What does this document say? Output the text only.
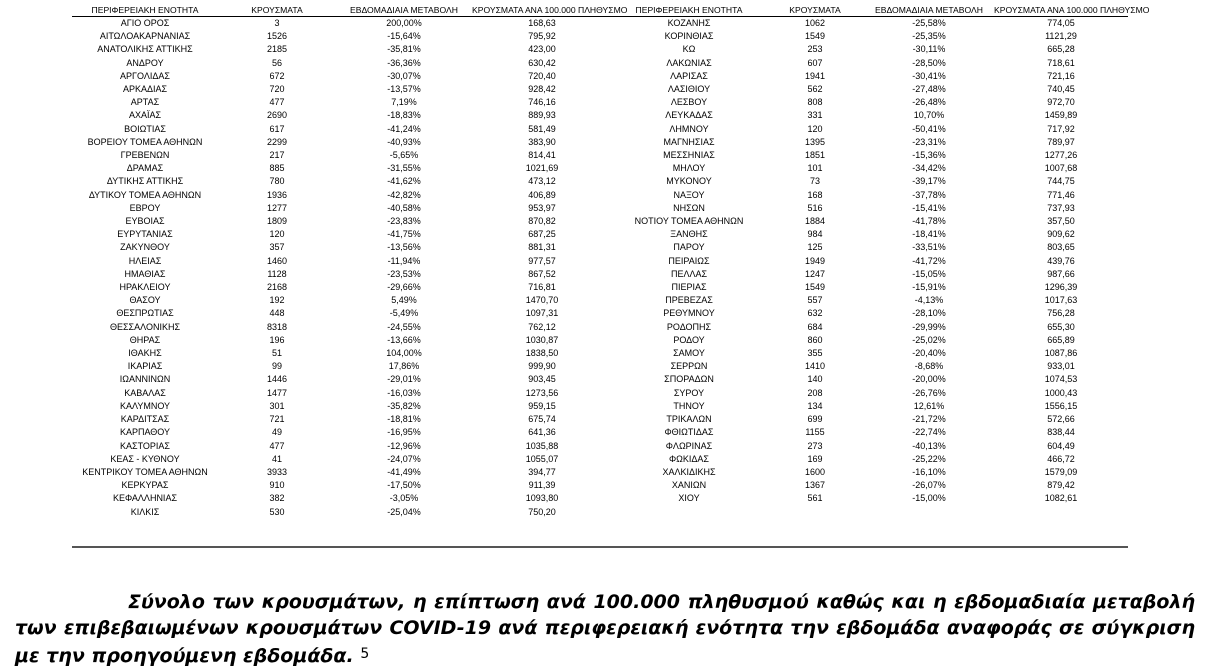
ΠΕΡΙΦΕΡΕΙΑΚΗ ΕΝΟΤΗΤΑ	ΚΡΟΥΣΜΑΤΑ	ΕΒΔΟΜΑΔΙΑΙΑ ΜΕΤΑΒΟΛΗ	ΚΡΟΥΣΜΑΤΑ ΑΝΑ 100.000 ΠΛΗΘΥΣΜΟ	ΠΕΡΙΦΕΡΕΙΑΚΗ ΕΝΟΤΗΤΑ	ΚΡΟΥΣΜΑΤΑ	ΕΒΔΟΜΑΔΙΑΙΑ ΜΕΤΑΒΟΛΗ	ΚΡΟΥΣΜΑΤΑ ΑΝΑ 100.000 ΠΛΗΘΥΣΜΟ
ΑΓΙΟ ΟΡΟΣ	3	200,00%	168,63	ΚΟΖΑΝΗΣ	1062	-25,58%	774,05
ΑΙΤΩΛΟΑΚΑΡΝΑΝΙΑΣ	1526	-15,64%	795,92	ΚΟΡΙΝΘΙΑΣ	1549	-25,35%	1121,29
ΑΝΑΤΟΛΙΚΗΣ ΑΤΤΙΚΗΣ	2185	-35,81%	423,00	ΚΩ	253	-30,11%	665,28
ΑΝΔΡΟΥ	56	-36,36%	630,42	ΛΑΚΩΝΙΑΣ	607	-28,50%	718,61
ΑΡΓΟΛΙΔΑΣ	672	-30,07%	720,40	ΛΑΡΙΣΑΣ	1941	-30,41%	721,16
ΑΡΚΑΔΙΑΣ	720	-13,57%	928,42	ΛΑΣΙΘΙΟΥ	562	-27,48%	740,45
ΑΡΤΑΣ	477	7,19%	746,16	ΛΕΣΒΟΥ	808	-26,48%	972,70
ΑΧΑΪΑΣ	2690	-18,83%	889,93	ΛΕΥΚΑΔΑΣ	331	10,70%	1459,89
ΒΟΙΩΤΙΑΣ	617	-41,24%	581,49	ΛΗΜΝΟΥ	120	-50,41%	717,92
ΒΟΡΕΙΟΥ ΤΟΜΕΑ ΑΘΗΝΩΝ	2299	-40,93%	383,90	ΜΑΓΝΗΣΙΑΣ	1395	-23,31%	789,97
ΓΡΕΒΕΝΩΝ	217	-5,65%	814,41	ΜΕΣΣΗΝΙΑΣ	1851	-15,36%	1277,26
ΔΡΑΜΑΣ	885	-31,55%	1021,69	ΜΗΛΟΥ	101	-34,42%	1007,68
ΔΥΤΙΚΗΣ ΑΤΤΙΚΗΣ	780	-41,62%	473,12	ΜΥΚΟΝΟΥ	73	-39,17%	744,75
ΔΥΤΙΚΟΥ ΤΟΜΕΑ ΑΘΗΝΩΝ	1936	-42,82%	406,89	ΝΑΞΟΥ	168	-37,78%	771,46
ΕΒΡΟΥ	1277	-40,58%	953,97	ΝΗΣΩΝ	516	-15,41%	737,93
ΕΥΒΟΙΑΣ	1809	-23,83%	870,82	ΝΟΤΙΟΥ ΤΟΜΕΑ ΑΘΗΝΩΝ	1884	-41,78%	357,50
ΕΥΡΥΤΑΝΙΑΣ	120	-41,75%	687,25	ΞΑΝΘΗΣ	984	-18,41%	909,62
ΖΑΚΥΝΘΟΥ	357	-13,56%	881,31	ΠΑΡΟΥ	125	-33,51%	803,65
ΗΛΕΙΑΣ	1460	-11,94%	977,57	ΠΕΙΡΑΙΩΣ	1949	-41,72%	439,76
ΗΜΑΘΙΑΣ	1128	-23,53%	867,52	ΠΕΛΛΑΣ	1247	-15,05%	987,66
ΗΡΑΚΛΕΙΟΥ	2168	-29,66%	716,81	ΠΙΕΡΙΑΣ	1549	-15,91%	1296,39
ΘΑΣΟΥ	192	5,49%	1470,70	ΠΡΕΒΕΖΑΣ	557	-4,13%	1017,63
ΘΕΣΠΡΩΤΙΑΣ	448	-5,49%	1097,31	ΡΕΘΥΜΝΟΥ	632	-28,10%	756,28
ΘΕΣΣΑΛΟΝΙΚΗΣ	8318	-24,55%	762,12	ΡΟΔΟΠΗΣ	684	-29,99%	655,30
ΘΗΡΑΣ	196	-13,66%	1030,87	ΡΟΔΟΥ	860	-25,02%	665,89
ΙΘΑΚΗΣ	51	104,00%	1838,50	ΣΑΜΟΥ	355	-20,40%	1087,86
ΙΚΑΡΙΑΣ	99	17,86%	999,90	ΣΕΡΡΩΝ	1410	-8,68%	933,01
ΙΩΑΝΝΙΝΩΝ	1446	-29,01%	903,45	ΣΠΟΡΑΔΩΝ	140	-20,00%	1074,53
ΚΑΒΑΛΑΣ	1477	-16,03%	1273,56	ΣΥΡΟΥ	208	-26,76%	1000,43
ΚΑΛΥΜΝΟΥ	301	-35,82%	959,15	ΤΗΝΟΥ	134	12,61%	1556,15
ΚΑΡΔΙΤΣΑΣ	721	-18,81%	675,74	ΤΡΙΚΑΛΩΝ	699	-21,72%	572,66
ΚΑΡΠΑΘΟΥ	49	-16,95%	641,36	ΦΘΙΩΤΙΔΑΣ	1155	-22,74%	838,44
ΚΑΣΤΟΡΙΑΣ	477	-12,96%	1035,88	ΦΛΩΡΙΝΑΣ	273	-40,13%	604,49
ΚΕΑΣ - ΚΥΘΝΟΥ	41	-24,07%	1055,07	ΦΩΚΙΔΑΣ	169	-25,22%	466,72
ΚΕΝΤΡΙΚΟΥ ΤΟΜΕΑ ΑΘΗΝΩΝ	3933	-41,49%	394,77	ΧΑΛΚΙΔΙΚΗΣ	1600	-16,10%	1579,09
ΚΕΡΚΥΡΑΣ	910	-17,50%	911,39	ΧΑΝΙΩΝ	1367	-26,07%	879,42
ΚΕΦΑΛΛΗΝΙΑΣ	382	-3,05%	1093,80	ΧΙΟΥ	561	-15,00%	1082,61
ΚΙΛΚΙΣ	530	-25,04%	750,20				

Σύνολο των κρουσμάτων, η επίπτωση ανά 100.000 πληθυσμού καθώς και η εβδομαδιαία μεταβολή των επιβεβαιωμένων κρουσμάτων COVID-19 ανά περιφερειακή ενότητα την εβδομάδα αναφοράς σε σύγκριση με την προηγούμενη εβδομάδα. $^5$
